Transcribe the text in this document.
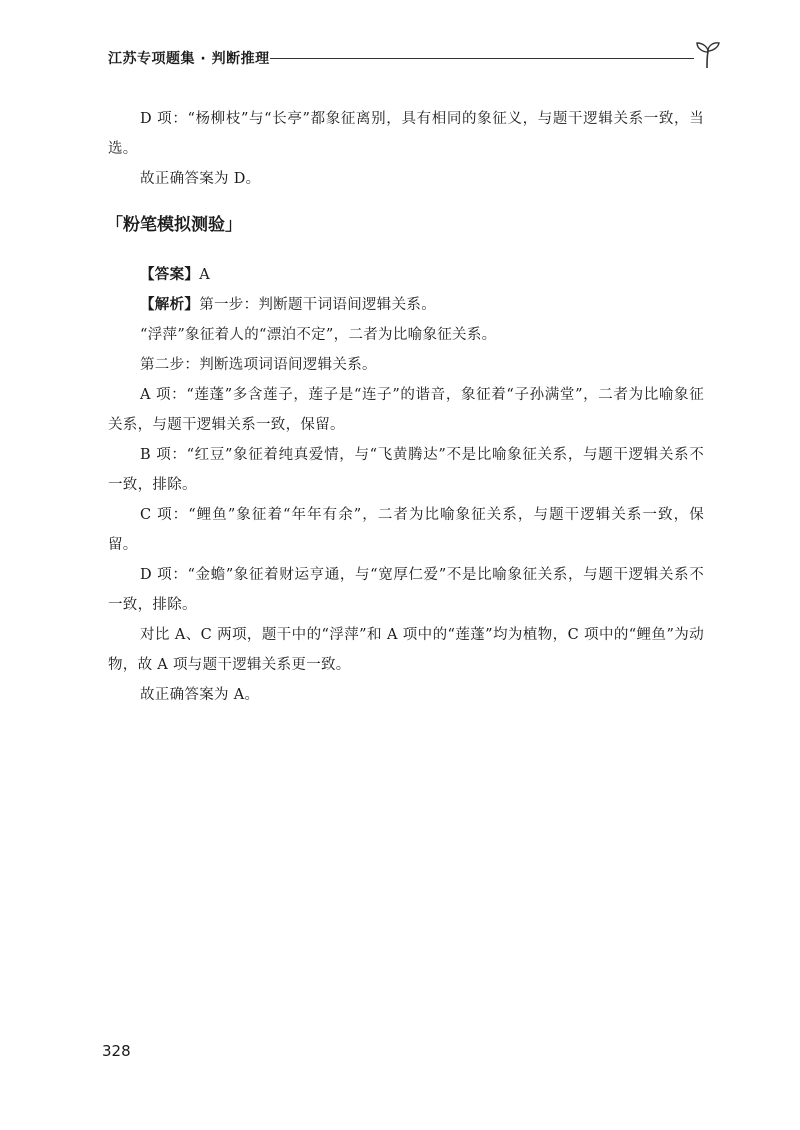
江苏专项题集 · 判断推理

D 项：“杨柳枝”与“长亭”都象征离别，具有相同的象征义，与题干逻辑关系一致，当选。

故正确答案为 D。

「粉笔模拟测验」

【答案】A

【解析】第一步：判断题干词语间逻辑关系。

“浮萍”象征着人的“漂泊不定”，二者为比喻象征关系。

第二步：判断选项词语间逻辑关系。

A 项：“莲蓬”多含莲子，莲子是“连子”的谐音，象征着“子孙满堂”，二者为比喻象征关系，与题干逻辑关系一致，保留。

B 项：“红豆”象征着纯真爱情，与“飞黄腾达”不是比喻象征关系，与题干逻辑关系不一致，排除。

C 项：“鲤鱼”象征着“年年有余”，二者为比喻象征关系，与题干逻辑关系一致，保留。

D 项：“金蟾”象征着财运亨通，与“宽厚仁爱”不是比喻象征关系，与题干逻辑关系不一致，排除。

对比 A、C 两项，题干中的“浮萍”和 A 项中的“莲蓬”均为植物，C 项中的“鲤鱼”为动物，故 A 项与题干逻辑关系更一致。

故正确答案为 A。

328
